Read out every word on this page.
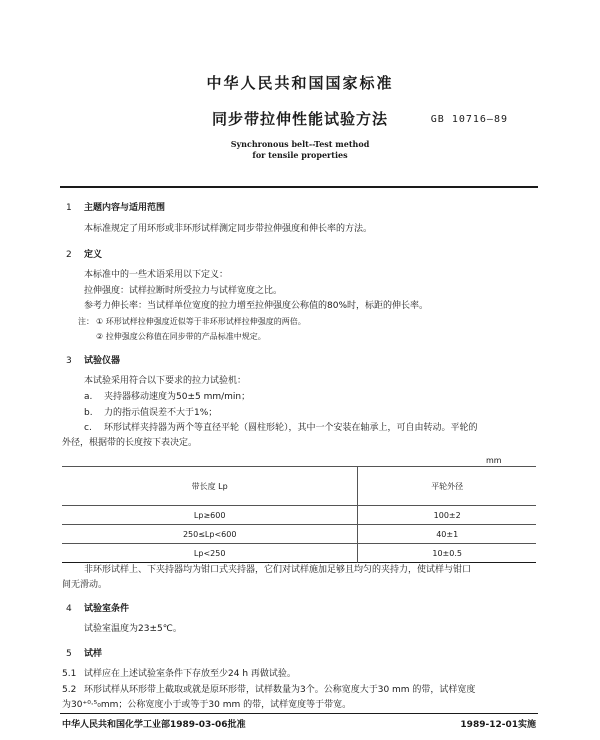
中华人民共和国国家标准
同步带拉伸性能试验方法	GB 10716—89
Synchronous belt--Test method
for tensile properties
1 主题内容与适用范围
本标准规定了用环形或非环形试样测定同步带拉伸强度和伸长率的方法。
2 定义
本标准中的一些术语采用以下定义：
拉伸强度：试样拉断时所受拉力与试样宽度之比。
参考力伸长率：当试样单位宽度的拉力增至拉伸强度公称值的80%时，标距的伸长率。
注： ① 环形试样拉伸强度近似等于非环形试样拉伸强度的两倍。
② 拉伸强度公称值在同步带的产品标准中规定。
3 试验仪器
本试验采用符合以下要求的拉力试验机：
a. 夹持器移动速度为50±5 mm/min；
b. 力的指示值误差不大于1%；
c. 环形试样夹持器为两个等直径平轮（圆柱形轮），其中一个安装在轴承上，可自由转动。平轮的
外径，根据带的长度按下表决定。
mm
带长度 Lp	平轮外径
Lp≥600	100±2
250≤Lp<600	40±1
Lp<250	10±0.5
非环形试样上、下夹持器均为钳口式夹持器，它们对试样施加足够且均匀的夹持力，使试样与钳口
间无滑动。
4 试验室条件
试验室温度为23±5℃。
5 试样
5.1 试样应在上述试验室条件下存放至少24 h 再做试验。
5.2 环形试样从环形带上截取或就是原环形带，试样数量为3个。公称宽度大于30 mm 的带，试样宽度
为30⁺⁰·⁵₀mm；公称宽度小于或等于30 mm 的带，试样宽度等于带宽。
中华人民共和国化学工业部1989-03-06批准	1989-12-01实施
